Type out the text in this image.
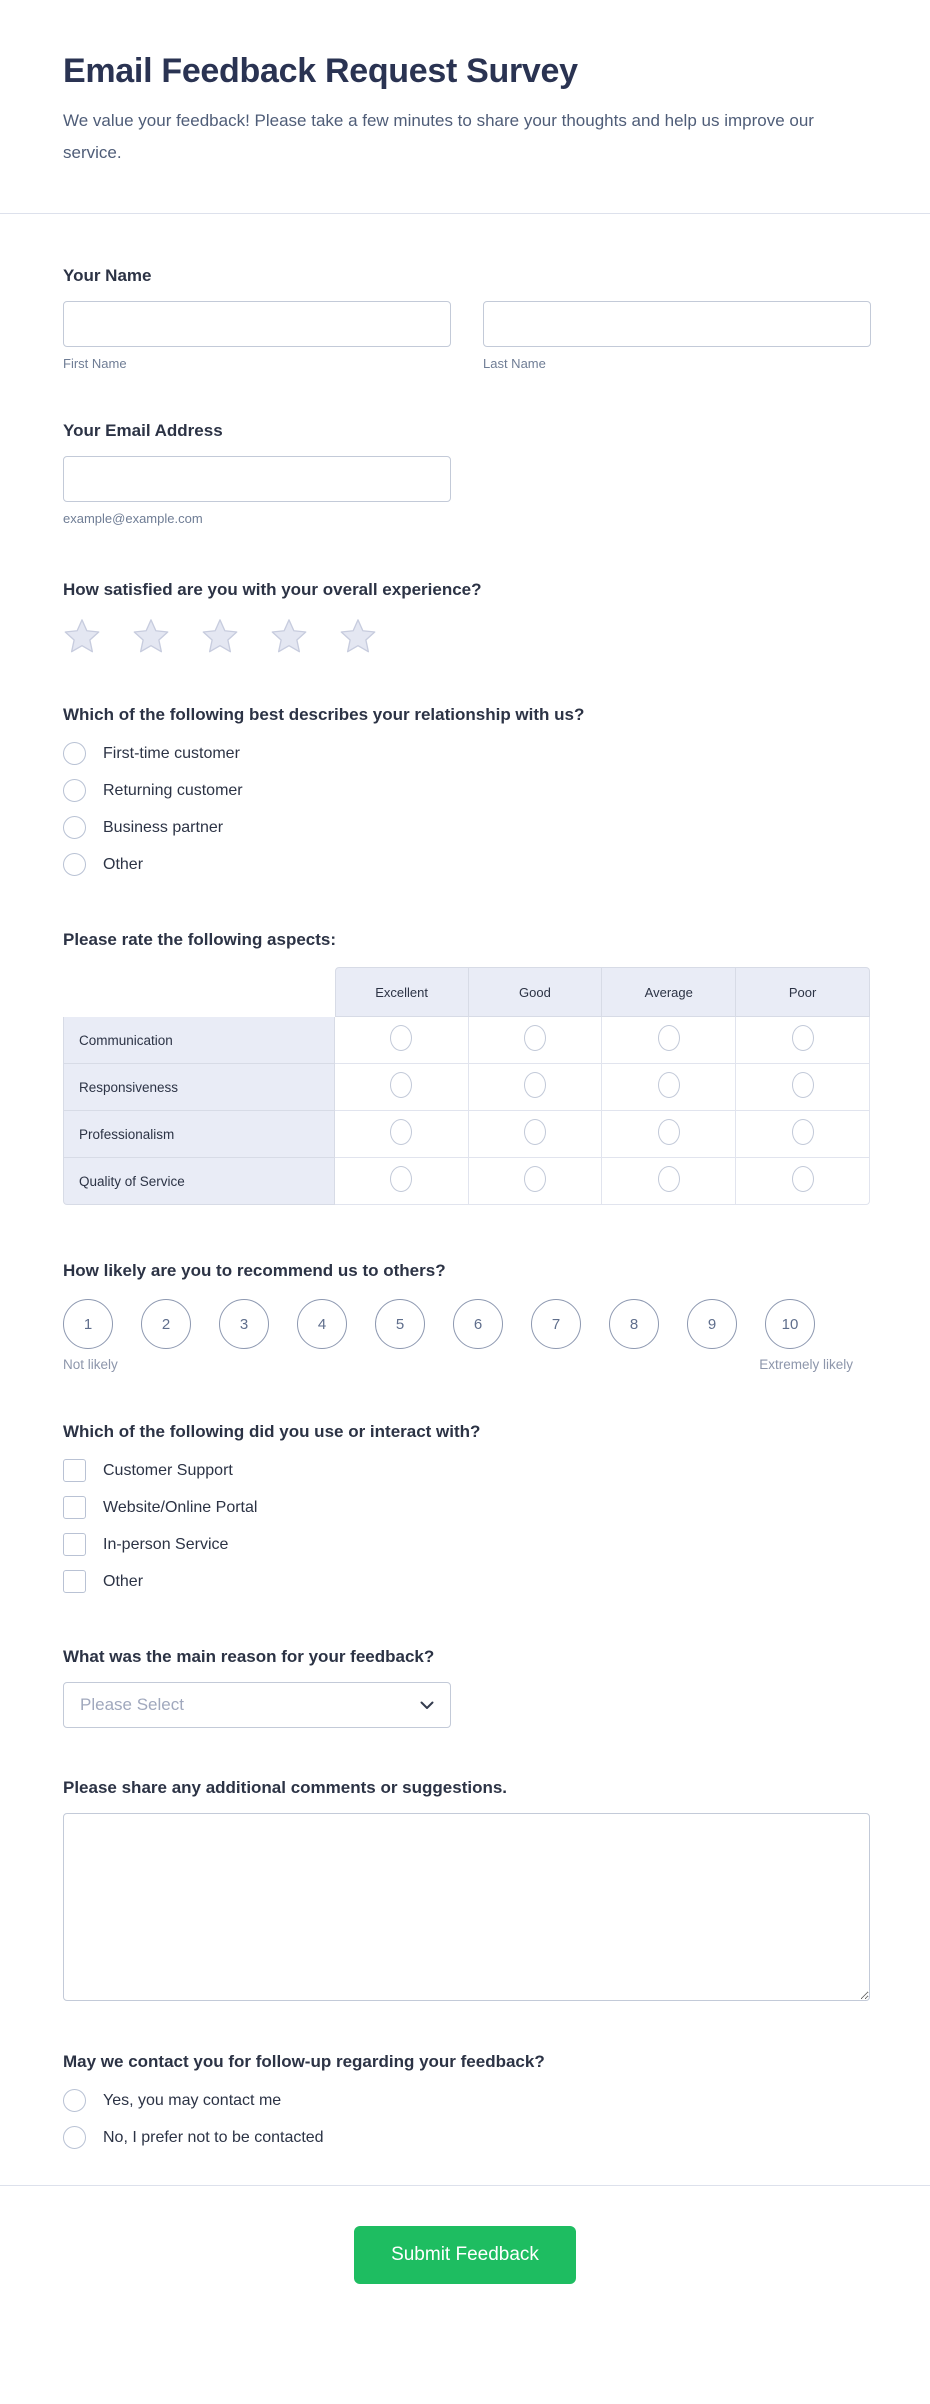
Email Feedback Request Survey

We value your feedback! Please take a few minutes to share your thoughts and help us improve our service.

Your Name
First Name	Last Name
Your Email Address
example@example.com
How satisfied are you with your overall experience?
Which of the following best describes your relationship with us?
First-time customer
Returning customer
Business partner
Other
Please rate the following aspects:
	Excellent	Good	Average	Poor
Communication				
Responsiveness				
Professionalism				
Quality of Service				
How likely are you to recommend us to others?
1	2	3	4	5	6	7	8	9	10
Not likely	Extremely likely
Which of the following did you use or interact with?
Customer Support
Website/Online Portal
In-person Service
Other
What was the main reason for your feedback?
Please Select
Please share any additional comments or suggestions.
May we contact you for follow-up regarding your feedback?
Yes, you may contact me
No, I prefer not to be contacted
Submit Feedback
